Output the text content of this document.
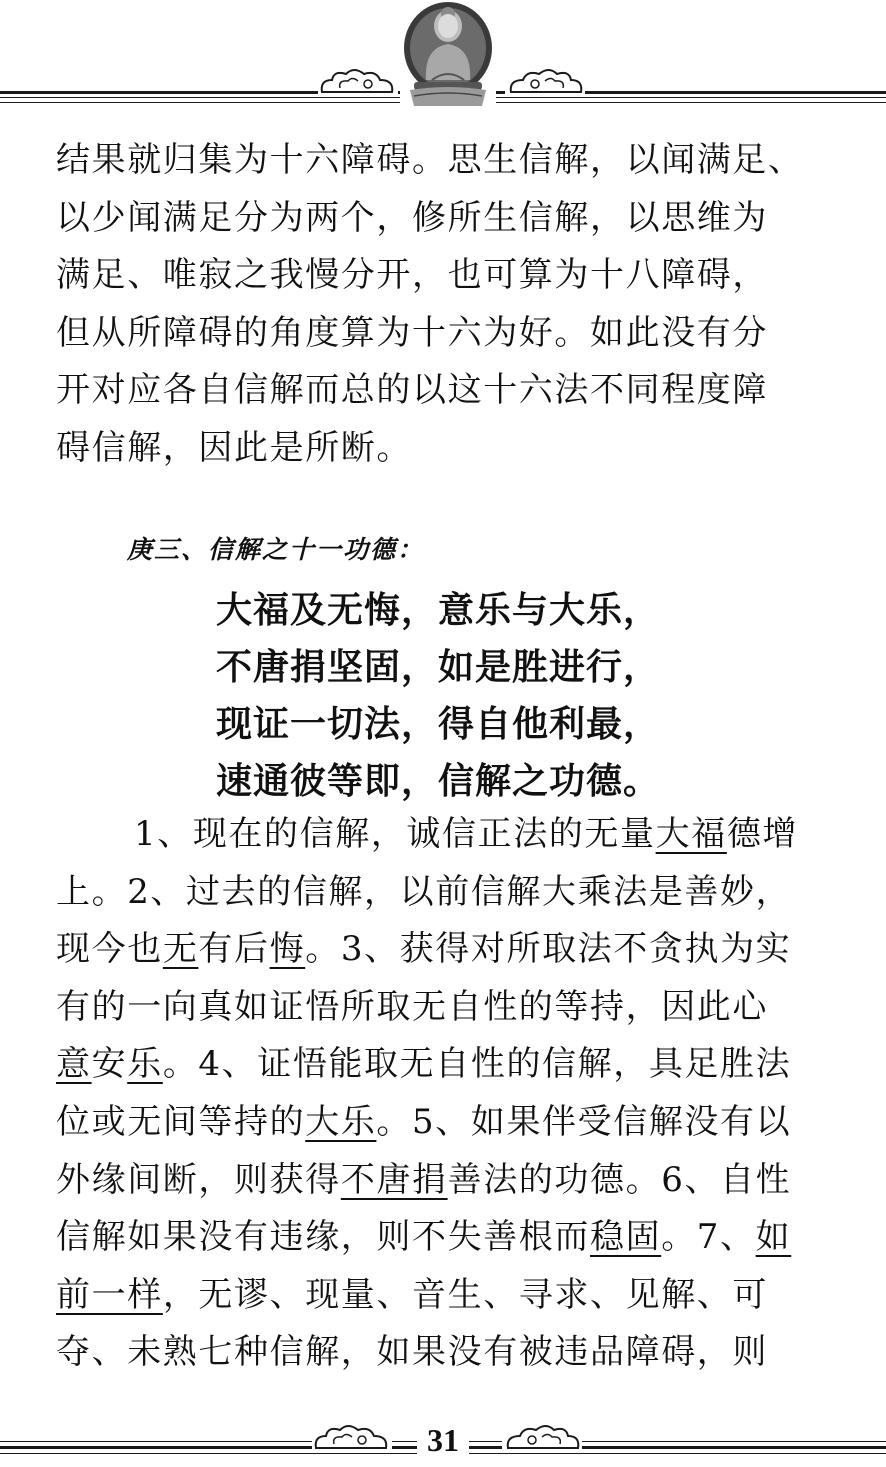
结果就归集为十六障碍。思生信解，以闻满足、
以少闻满足分为两个，修所生信解，以思维为
满足、唯寂之我慢分开，也可算为十八障碍，
但从所障碍的角度算为十六为好。如此没有分
开对应各自信解而总的以这十六法不同程度障
碍信解，因此是所断。

庚三、信解之十一功德：

大福及无悔，意乐与大乐，

不唐捐坚固，如是胜进行，

现证一切法，得自他利最，

速通彼等即，信解之功德。

1、现在的信解，诚信正法的无量大福德增
上。2、过去的信解，以前信解大乘法是善妙，
现今也无有后悔。3、获得对所取法不贪执为实
有的一向真如证悟所取无自性的等持，因此心
意安乐。4、证悟能取无自性的信解，具足胜法
位或无间等持的大乐。5、如果伴受信解没有以
外缘间断，则获得不唐捐善法的功德。6、自性
信解如果没有违缘，则不失善根而稳固。7、如
前一样，无谬、现量、音生、寻求、见解、可
夺、未熟七种信解，如果没有被违品障碍，则
31
